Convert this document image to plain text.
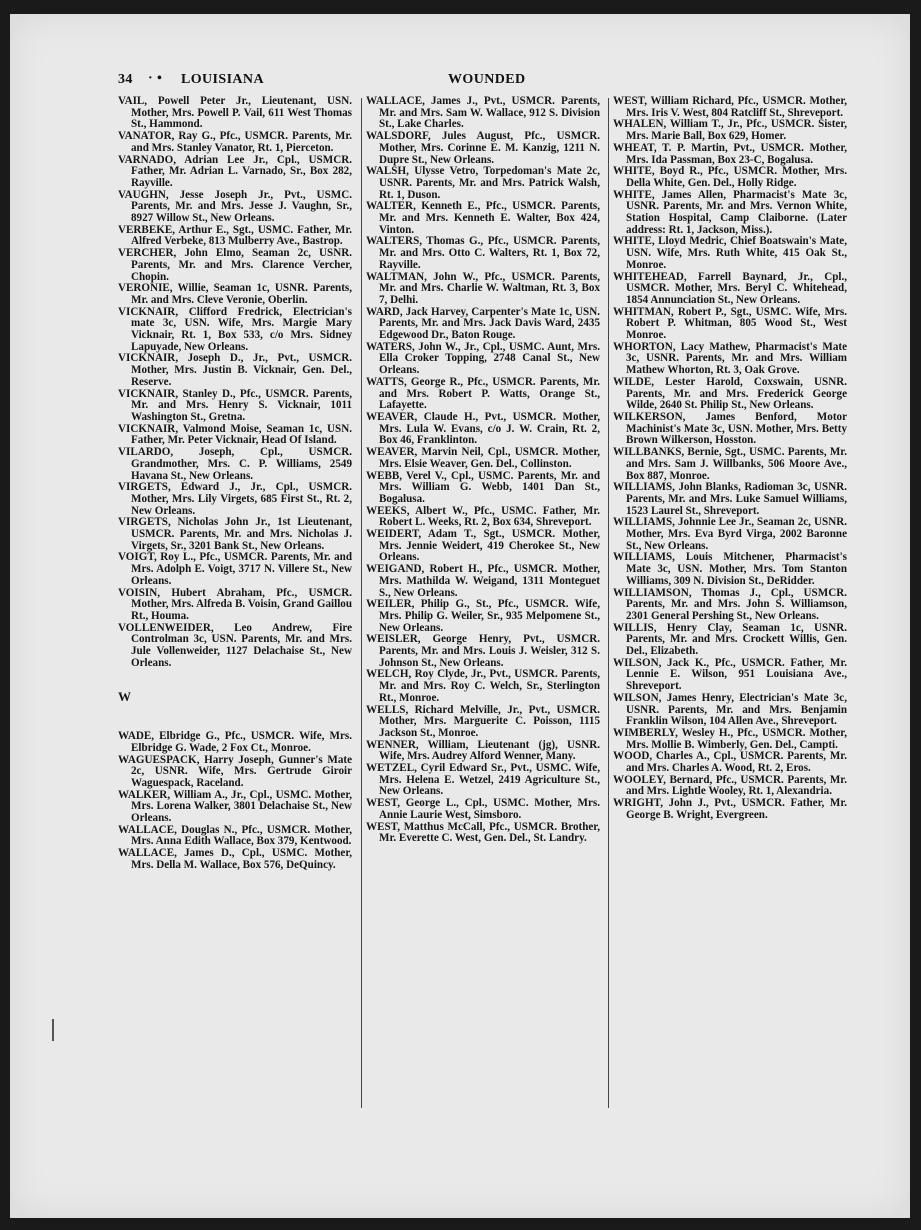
34 · • LOUISIANA	WOUNDED
VAIL, Powell Peter Jr., Lieutenant, USN. Mother, Mrs. Powell P. Vail, 611 West Thomas St., Hammond.
VANATOR, Ray G., Pfc., USMCR. Parents, Mr. and Mrs. Stanley Vanator, Rt. 1, Pierceton.
VARNADO, Adrian Lee Jr., Cpl., USMCR. Father, Mr. Adrian L. Varnado, Sr., Box 282, Rayville.
VAUGHN, Jesse Joseph Jr., Pvt., USMC. Parents, Mr. and Mrs. Jesse J. Vaughn, Sr., 8927 Willow St., New Orleans.
VERBEKE, Arthur E., Sgt., USMC. Father, Mr. Alfred Verbeke, 813 Mulberry Ave., Bastrop.
VERCHER, John Elmo, Seaman 2c, USNR. Parents, Mr. and Mrs. Clarence Vercher, Chopin.
VERONIE, Willie, Seaman 1c, USNR. Parents, Mr. and Mrs. Cleve Veronie, Oberlin.
VICKNAIR, Clifford Fredrick, Electrician's mate 3c, USN. Wife, Mrs. Margie Mary Vicknair, Rt. 1, Box 533, c/o Mrs. Sidney Lapuyade, New Orleans.
VICKNAIR, Joseph D., Jr., Pvt., USMCR. Mother, Mrs. Justin B. Vicknair, Gen. Del., Reserve.
VICKNAIR, Stanley D., Pfc., USMCR. Parents, Mr. and Mrs. Henry S. Vicknair, 1011 Washington St., Gretna.
VICKNAIR, Valmond Moise, Seaman 1c, USN. Father, Mr. Peter Vicknair, Head Of Island.
VILARDO, Joseph, Cpl., USMCR. Grandmother, Mrs. C. P. Williams, 2549 Havana St., New Orleans.
VIRGETS, Edward J., Jr., Cpl., USMCR. Mother, Mrs. Lily Virgets, 685 First St., Rt. 2, New Orleans.
VIRGETS, Nicholas John Jr., 1st Lieutenant, USMCR. Parents, Mr. and Mrs. Nicholas J. Virgets, Sr., 3201 Bank St., New Orleans.
VOIGT, Roy L., Pfc., USMCR. Parents, Mr. and Mrs. Adolph E. Voigt, 3717 N. Villere St., New Orleans.
VOISIN, Hubert Abraham, Pfc., USMCR. Mother, Mrs. Alfreda B. Voisin, Grand Gaillou Rt., Houma.
VOLLENWEIDER, Leo Andrew, Fire Controlman 3c, USN. Parents, Mr. and Mrs. Jule Vollenweider, 1127 Delachaise St., New Orleans.
W
WADE, Elbridge G., Pfc., USMCR. Wife, Mrs. Elbridge G. Wade, 2 Fox Ct., Monroe.
WAGUESPACK, Harry Joseph, Gunner's Mate 2c, USNR. Wife, Mrs. Gertrude Giroir Waguespack, Raceland.
WALKER, William A., Jr., Cpl., USMC. Mother, Mrs. Lorena Walker, 3801 Delachaise St., New Orleans.
WALLACE, Douglas N., Pfc., USMCR. Mother, Mrs. Anna Edith Wallace, Box 379, Kentwood.
WALLACE, James D., Cpl., USMC. Mother, Mrs. Della M. Wallace, Box 576, DeQuincy.
WALLACE, James J., Pvt., USMCR. Parents, Mr. and Mrs. Sam W. Wallace, 912 S. Division St., Lake Charles.
WALSDORF, Jules August, Pfc., USMCR. Mother, Mrs. Corinne E. M. Kanzig, 1211 N. Dupre St., New Orleans.
WALSH, Ulysse Vetro, Torpedoman's Mate 2c, USNR. Parents, Mr. and Mrs. Patrick Walsh, Rt. 1, Duson.
WALTER, Kenneth E., Pfc., USMCR. Parents, Mr. and Mrs. Kenneth E. Walter, Box 424, Vinton.
WALTERS, Thomas G., Pfc., USMCR. Parents, Mr. and Mrs. Otto C. Walters, Rt. 1, Box 72, Rayville.
WALTMAN, John W., Pfc., USMCR. Parents, Mr. and Mrs. Charlie W. Waltman, Rt. 3, Box 7, Delhi.
WARD, Jack Harvey, Carpenter's Mate 1c, USN. Parents, Mr. and Mrs. Jack Davis Ward, 2435 Edgewood Dr., Baton Rouge.
WATERS, John W., Jr., Cpl., USMC. Aunt, Mrs. Ella Croker Topping, 2748 Canal St., New Orleans.
WATTS, George R., Pfc., USMCR. Parents, Mr. and Mrs. Robert P. Watts, Orange St., Lafayette.
WEAVER, Claude H., Pvt., USMCR. Mother, Mrs. Lula W. Evans, c/o J. W. Crain, Rt. 2, Box 46, Franklinton.
WEAVER, Marvin Neil, Cpl., USMCR. Mother, Mrs. Elsie Weaver, Gen. Del., Collinston.
WEBB, Verel V., Cpl., USMC. Parents, Mr. and Mrs. William G. Webb, 1401 Dan St., Bogalusa.
WEEKS, Albert W., Pfc., USMC. Father, Mr. Robert L. Weeks, Rt. 2, Box 634, Shreveport.
WEIDERT, Adam T., Sgt., USMCR. Mother, Mrs. Jennie Weidert, 419 Cherokee St., New Orleans.
WEIGAND, Robert H., Pfc., USMCR. Mother, Mrs. Mathilda W. Weigand, 1311 Monteguet S., New Orleans.
WEILER, Philip G., St., Pfc., USMCR. Wife, Mrs. Philip G. Weiler, Sr., 935 Melpomene St., New Orleans.
WEISLER, George Henry, Pvt., USMCR. Parents, Mr. and Mrs. Louis J. Weisler, 312 S. Johnson St., New Orleans.
WELCH, Roy Clyde, Jr., Pvt., USMCR. Parents, Mr. and Mrs. Roy C. Welch, Sr., Sterlington Rt., Monroe.
WELLS, Richard Melville, Jr., Pvt., USMCR. Mother, Mrs. Marguerite C. Poisson, 1115 Jackson St., Monroe.
WENNER, William, Lieutenant (jg), USNR. Wife, Mrs. Audrey Alford Wenner, Many.
WETZEL, Cyril Edward Sr., Pvt., USMC. Wife, Mrs. Helena E. Wetzel, 2419 Agriculture St., New Orleans.
WEST, George L., Cpl., USMC. Mother, Mrs. Annie Laurie West, Simsboro.
WEST, Matthus McCall, Pfc., USMCR. Brother, Mr. Everette C. West, Gen. Del., St. Landry.
WEST, William Richard, Pfc., USMCR. Mother, Mrs. Iris V. West, 804 Ratcliff St., Shreveport.
WHALEN, William T., Jr., Pfc., USMCR. Sister, Mrs. Marie Ball, Box 629, Homer.
WHEAT, T. P. Martin, Pvt., USMCR. Mother, Mrs. Ida Passman, Box 23-C, Bogalusa.
WHITE, Boyd R., Pfc., USMCR. Mother, Mrs. Della White, Gen. Del., Holly Ridge.
WHITE, James Allen, Pharmacist's Mate 3c, USNR. Parents, Mr. and Mrs. Vernon White, Station Hospital, Camp Claiborne. (Later address: Rt. 1, Jackson, Miss.).
WHITE, Lloyd Medric, Chief Boatswain's Mate, USN. Wife, Mrs. Ruth White, 415 Oak St., Monroe.
WHITEHEAD, Farrell Baynard, Jr., Cpl., USMCR. Mother, Mrs. Beryl C. Whitehead, 1854 Annunciation St., New Orleans.
WHITMAN, Robert P., Sgt., USMC. Wife, Mrs. Robert P. Whitman, 805 Wood St., West Monroe.
WHORTON, Lacy Mathew, Pharmacist's Mate 3c, USNR. Parents, Mr. and Mrs. William Mathew Whorton, Rt. 3, Oak Grove.
WILDE, Lester Harold, Coxswain, USNR. Parents, Mr. and Mrs. Frederick George Wilde, 2640 St. Philip St., New Orleans.
WILKERSON, James Benford, Motor Machinist's Mate 3c, USN. Mother, Mrs. Betty Brown Wilkerson, Hosston.
WILLBANKS, Bernie, Sgt., USMC. Parents, Mr. and Mrs. Sam J. Willbanks, 506 Moore Ave., Box 887, Monroe.
WILLIAMS, John Blanks, Radioman 3c, USNR. Parents, Mr. and Mrs. Luke Samuel Williams, 1523 Laurel St., Shreveport.
WILLIAMS, Johnnie Lee Jr., Seaman 2c, USNR. Mother, Mrs. Eva Byrd Virga, 2002 Baronne St., New Orleans.
WILLIAMS, Louis Mitchener, Pharmacist's Mate 3c, USN. Mother, Mrs. Tom Stanton Williams, 309 N. Division St., DeRidder.
WILLIAMSON, Thomas J., Cpl., USMCR. Parents, Mr. and Mrs. John S. Williamson, 2301 General Pershing St., New Orleans.
WILLIS, Henry Clay, Seaman 1c, USNR. Parents, Mr. and Mrs. Crockett Willis, Gen. Del., Elizabeth.
WILSON, Jack K., Pfc., USMCR. Father, Mr. Lennie E. Wilson, 951 Louisiana Ave., Shreveport.
WILSON, James Henry, Electrician's Mate 3c, USNR. Parents, Mr. and Mrs. Benjamin Franklin Wilson, 104 Allen Ave., Shreveport.
WIMBERLY, Wesley H., Pfc., USMCR. Mother, Mrs. Mollie B. Wimberly, Gen. Del., Campti.
WOOD, Charles A., Cpl., USMCR. Parents, Mr. and Mrs. Charles A. Wood, Rt. 2, Eros.
WOOLEY, Bernard, Pfc., USMCR. Parents, Mr. and Mrs. Lightle Wooley, Rt. 1, Alexandria.
WRIGHT, John J., Pvt., USMCR. Father, Mr. George B. Wright, Evergreen.
